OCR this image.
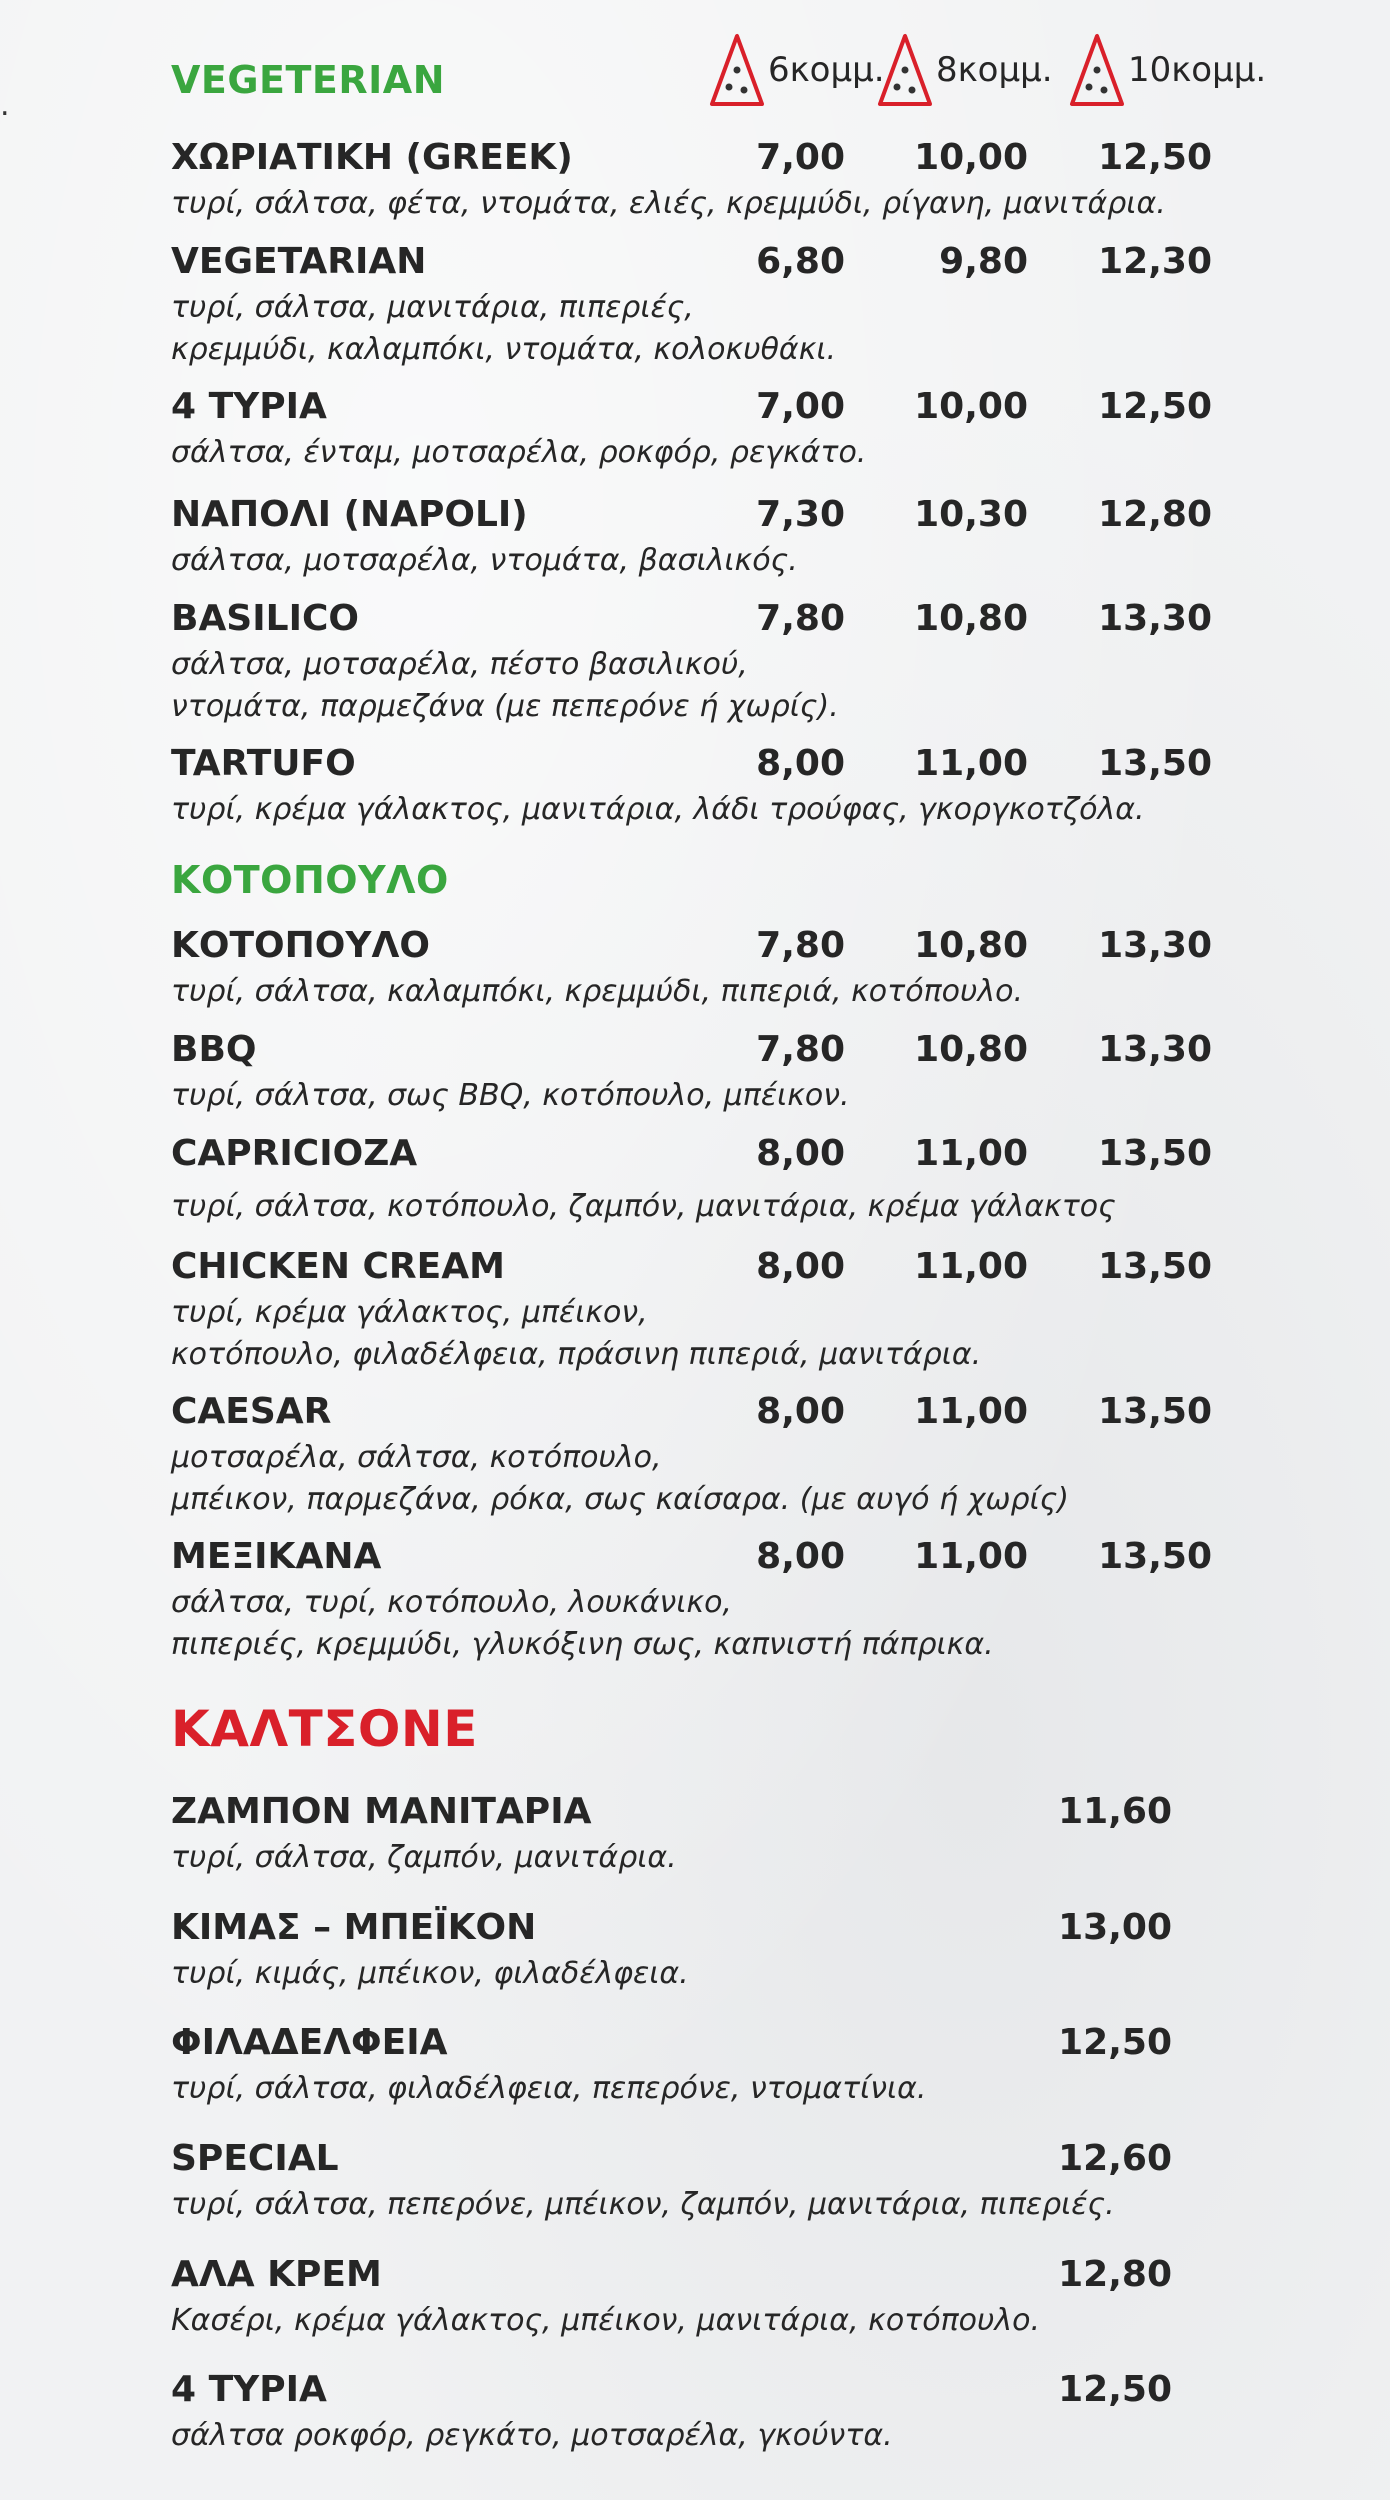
.
VEGETERIAN	6κομμ. 8κομμ. 10κομμ.
ΧΩΡΙΑΤΙΚΗ (GREEK)	7,00	10,00	12,50
τυρί, σάλτσα, φέτα, ντομάτα, ελιές, κρεμμύδι, ρίγανη, μανιτάρια.
VEGETARIAN	6,80	9,80	12,30
τυρί, σάλτσα, μανιτάρια, πιπεριές,
κρεμμύδι, καλαμπόκι, ντομάτα, κολοκυθάκι.
4 ΤΥΡΙΑ	7,00	10,00	12,50
σάλτσα, ένταμ, μοτσαρέλα, ροκφόρ, ρεγκάτο.
ΝΑΠΟΛΙ (NAPOLI)	7,30	10,30	12,80
σάλτσα, μοτσαρέλα, ντομάτα, βασιλικός.
BASILICO	7,80	10,80	13,30
σάλτσα, μοτσαρέλα, πέστο βασιλικού,
ντομάτα, παρμεζάνα (με πεπερόνε ή χωρίς).
TARTUFO	8,00	11,00	13,50
τυρί, κρέμα γάλακτος, μανιτάρια, λάδι τρούφας, γκοργκοτζόλα.
ΚΟΤΟΠΟΥΛΟ
ΚΟΤΟΠΟΥΛΟ	7,80	10,80	13,30
τυρί, σάλτσα, καλαμπόκι, κρεμμύδι, πιπεριά, κοτόπουλο.
BBQ	7,80	10,80	13,30
τυρί, σάλτσα, σως BBQ, κοτόπουλο, μπέικον.
CAPRICIOZA	8,00	11,00	13,50
τυρί, σάλτσα, κοτόπουλο, ζαμπόν, μανιτάρια, κρέμα γάλακτος
CHICKEN CREAM	8,00	11,00	13,50
τυρί, κρέμα γάλακτος, μπέικον,
κοτόπουλο, φιλαδέλφεια, πράσινη πιπεριά, μανιτάρια.
CAESAR	8,00	11,00	13,50
μοτσαρέλα, σάλτσα, κοτόπουλο,
μπέικον, παρμεζάνα, ρόκα, σως καίσαρα. (με αυγό ή χωρίς)
ΜΕΞΙΚΑΝΑ	8,00	11,00	13,50
σάλτσα, τυρί, κοτόπουλο, λουκάνικο,
πιπεριές, κρεμμύδι, γλυκόξινη σως, καπνιστή πάπρικα.
ΚΑΛΤΣΟΝΕ
ΖΑΜΠΟΝ ΜΑΝΙΤΑΡΙΑ	11,60
τυρί, σάλτσα, ζαμπόν, μανιτάρια.
ΚΙΜΑΣ – ΜΠΕΪΚΟΝ	13,00
τυρί, κιμάς, μπέικον, φιλαδέλφεια.
ΦΙΛΑΔΕΛΦΕΙΑ	12,50
τυρί, σάλτσα, φιλαδέλφεια, πεπερόνε, ντοματίνια.
SPECIAL	12,60
τυρί, σάλτσα, πεπερόνε, μπέικον, ζαμπόν, μανιτάρια, πιπεριές.
ΑΛΑ ΚΡΕΜ	12,80
Κασέρι, κρέμα γάλακτος, μπέικον, μανιτάρια, κοτόπουλο.
4 ΤΥΡΙΑ	12,50
σάλτσα ροκφόρ, ρεγκάτο, μοτσαρέλα, γκούντα.
